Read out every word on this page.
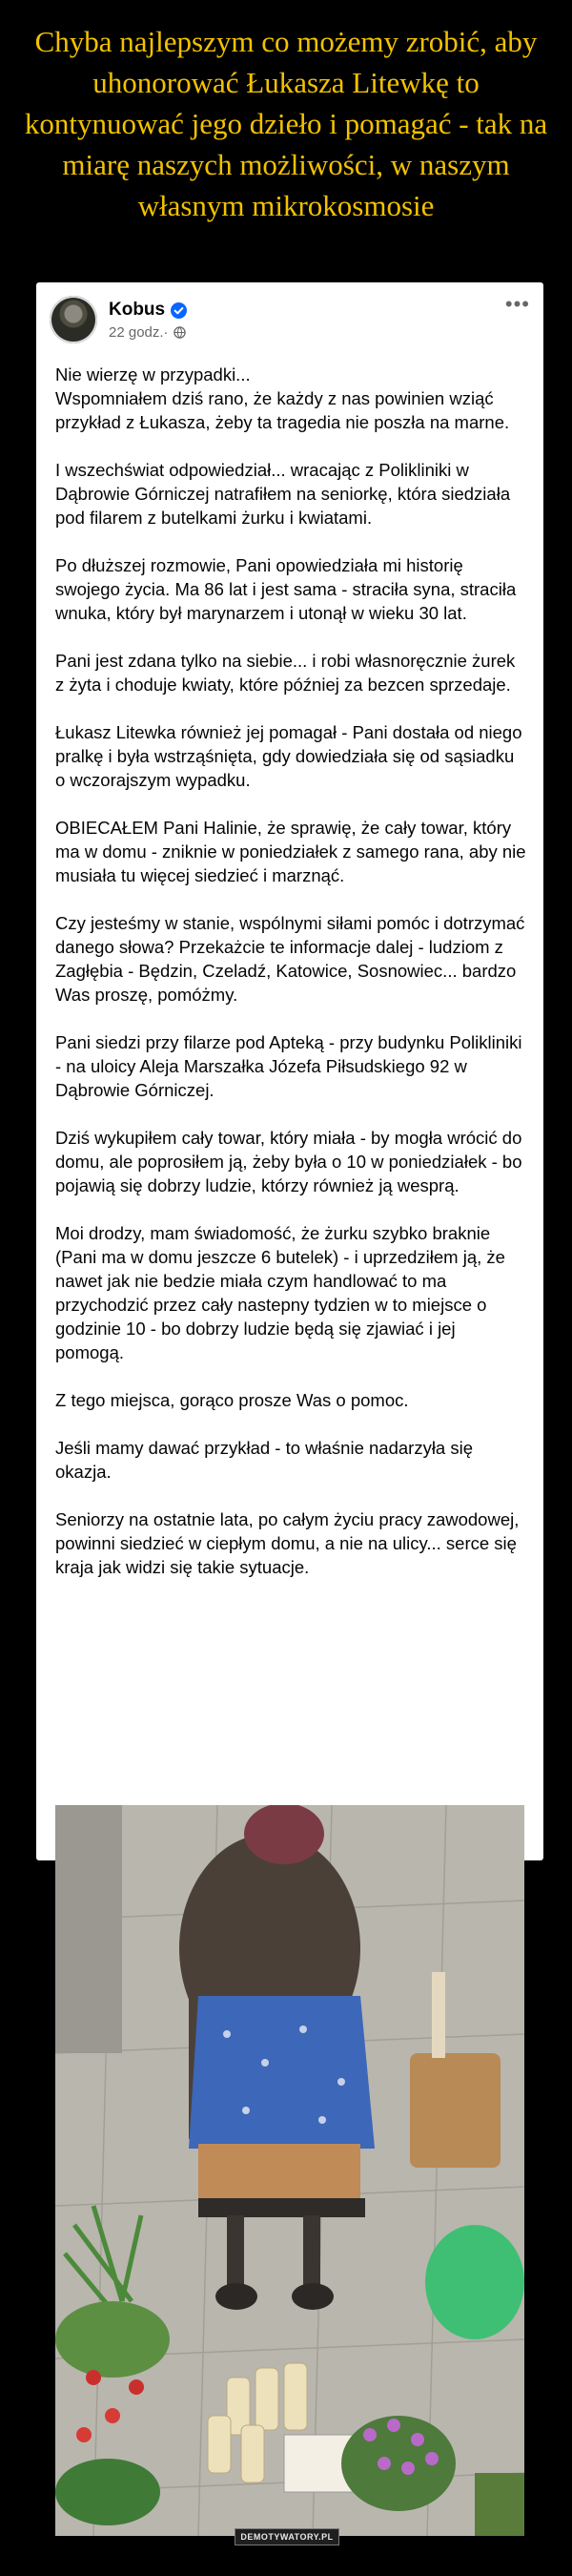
Chyba najlepszym co możemy zrobić, aby uhonorować Łukasza Litewkę to kontynuować jego dzieło i pomagać - tak na miarę naszych możliwości, w naszym własnym mikrokosmosie
Kobus
22 godz. ·
•••

Nie wierzę w przypadki...
Wspomniałem dziś rano, że każdy z nas powinien wziąć przykład z Łukasza, żeby ta tragedia nie poszła na marne.

I wszechświat odpowiedział... wracając z Polikliniki w Dąbrowie Górniczej natrafiłem na seniorkę, która siedziała pod filarem z butelkami żurku i kwiatami.

Po dłuższej rozmowie, Pani opowiedziała mi historię swojego życia. Ma 86 lat i jest sama - straciła syna, straciła wnuka, który był marynarzem i utonął w wieku 30 lat.

Pani jest zdana tylko na siebie... i robi własnoręcznie żurek z żyta i choduje kwiaty, które później za bezcen sprzedaje.

Łukasz Litewka również jej pomagał - Pani dostała od niego pralkę i była wstrząśnięta, gdy dowiedziała się od sąsiadku o wczorajszym wypadku.

OBIECAŁEM Pani Halinie, że sprawię, że cały towar, który ma w domu - zniknie w poniedziałek z samego rana, aby nie musiała tu więcej siedzieć i marznąć.

Czy jesteśmy w stanie, wspólnymi siłami pomóc i dotrzymać danego słowa? Przekażcie te informacje dalej - ludziom z Zagłębia - Będzin, Czeladź, Katowice, Sosnowiec... bardzo Was proszę, pomóżmy.

Pani siedzi przy filarze pod Apteką - przy budynku Polikliniki - na uloicy Aleja Marszałka Józefa Piłsudskiego 92 w Dąbrowie Górniczej.

Dziś wykupiłem cały towar, który miała - by mogła wrócić do domu, ale poprosiłem ją, żeby była o 10 w poniedziałek - bo pojawią się dobrzy ludzie, którzy również ją wesprą.

Moi drodzy, mam świadomość, że żurku szybko braknie (Pani ma w domu jeszcze 6 butelek) - i uprzedziłem ją, że nawet jak nie bedzie miała czym handlować to ma przychodzić przez cały nastepny tydzien w to miejsce o godzinie 10 - bo dobrzy ludzie będą się zjawiać i jej pomogą.

Z tego miejsca, gorąco prosze Was o pomoc.

Jeśli mamy dawać przykład - to właśnie nadarzyła się okazja.

Seniorzy na ostatnie lata, po całym życiu pracy zawodowej, powinni siedzieć w ciepłym domu, a nie na ulicy... serce się kraja jak widzi się takie sytuacje.

DEMOTYWATORY.PL
